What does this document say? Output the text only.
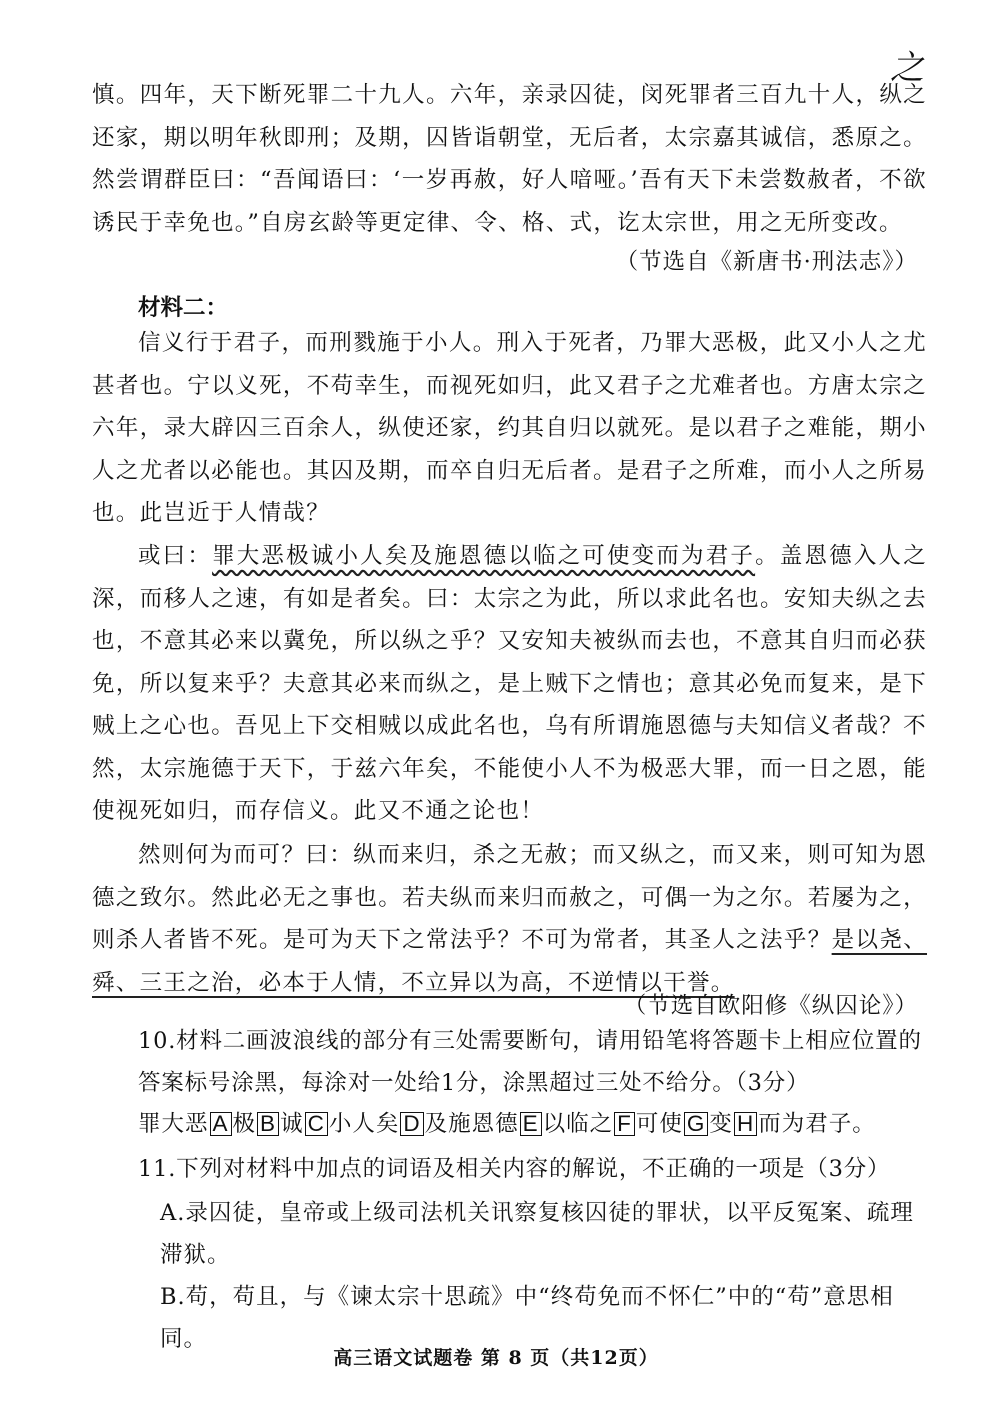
慎。四年，天下断死罪二十九人。六年，亲录囚徒，闵死罪者三百九十人，纵之还家，期以明年秋即刑；及期，囚皆诣朝堂，无后者，太宗嘉其诚信，悉原之。然尝谓群臣曰：“吾闻语曰：‘一岁再赦，好人喑哑。’吾有天下未尝数赦者，不欲诱民于幸免也。”自房玄龄等更定律、令、格、式，讫太宗世，用之无所变改。

之
（节选自《新唐书·刑法志》）
材料二：

信义行于君子，而刑戮施于小人。刑入于死者，乃罪大恶极，此又小人之尤甚者也。宁以义死，不苟幸生，而视死如归，此又君子之尤难者也。方唐太宗之六年，录大辟囚三百余人，纵使还家，约其自归以就死。是以君子之难能，期小人之尤者以必能也。其囚及期，而卒自归无后者。是君子之所难，而小人之所易也。此岂近于人情哉？

或曰：罪大恶极诚小人矣及施恩德以临之可使变而为君子。盖恩德入人之深，而移人之速，有如是者矣。曰：太宗之为此，所以求此名也。安知夫纵之去也，不意其必来以冀免，所以纵之乎？又安知夫被纵而去也，不意其自归而必获免，所以复来乎？夫意其必来而纵之，是上贼下之情也；意其必免而复来，是下贼上之心也。吾见上下交相贼以成此名也，乌有所谓施恩德与夫知信义者哉？不然，太宗施德于天下，于兹六年矣，不能使小人不为极恶大罪，而一日之恩，能使视死如归，而存信义。此又不通之论也！

然则何为而可？曰：纵而来归，杀之无赦；而又纵之，而又来，则可知为恩德之致尔。然此必无之事也。若夫纵而来归而赦之，可偶一为之尔。若屡为之，则杀人者皆不死。是可为天下之常法乎？不可为常者，其圣人之法乎？是以尧、舜、三王之治，必本于人情，不立异以为高，不逆情以干誉。

（节选自欧阳修《纵囚论》）
10.材料二画波浪线的部分有三处需要断句，请用铅笔将答题卡上相应位置的答案标号涂黑，每涂对一处给1分，涂黑超过三处不给分。（3分）
罪大恶 A 极 B 诚 C 小人矣 D 及施恩德 E 以临之 F 可使 G 变 H 而为君子。
11.下列对材料中加点的词语及相关内容的解说，不正确的一项是（3分）
A.录囚徒，皇帝或上级司法机关讯察复核囚徒的罪状，以平反冤案、疏理滞狱。
B.苟，苟且，与《谏太宗十思疏》中“终苟免而不怀仁”中的“苟”意思相同。
高三语文试题卷 第 8 页（共12页）
